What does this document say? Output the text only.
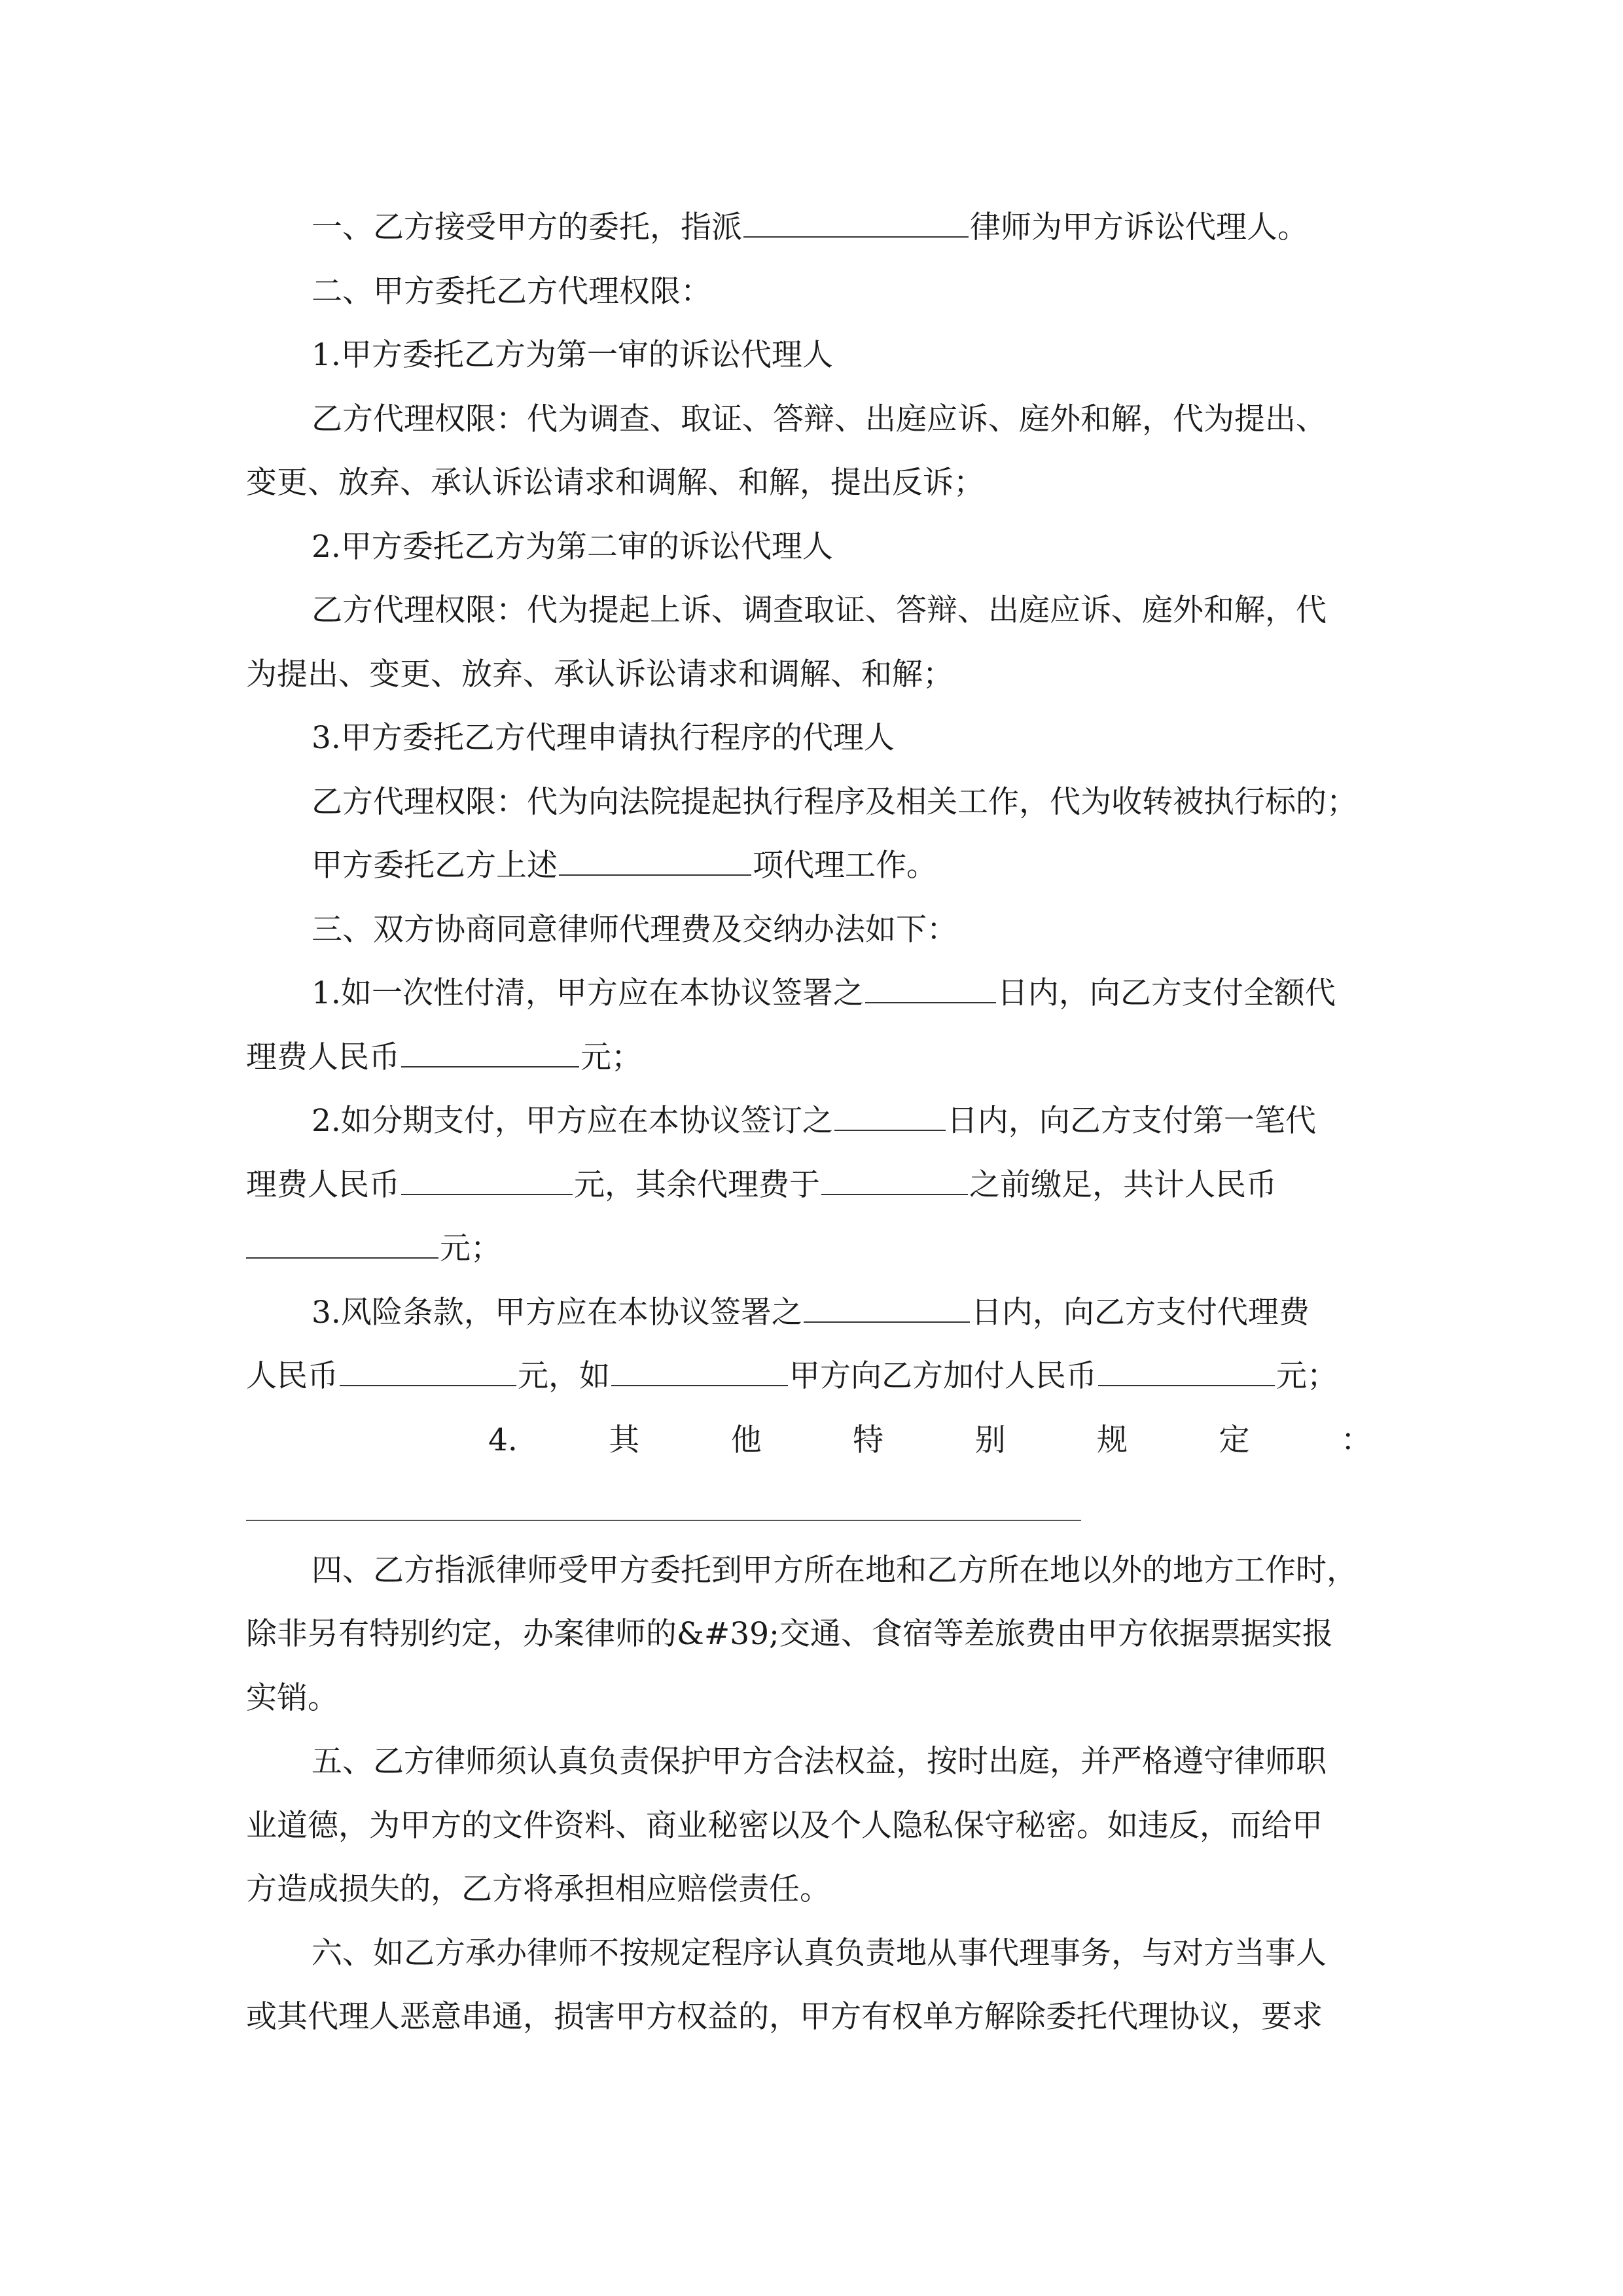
一、乙方接受甲方的委托，指派	律师为甲方诉讼代理人。
二、甲方委托乙方代理权限：
1.甲方委托乙方为第一审的诉讼代理人
乙方代理权限：代为调查、取证、答辩、出庭应诉、庭外和解，代为提出、
变更、放弃、承认诉讼请求和调解、和解，提出反诉；
2.甲方委托乙方为第二审的诉讼代理人
乙方代理权限：代为提起上诉、调查取证、答辩、出庭应诉、庭外和解，代
为提出、变更、放弃、承认诉讼请求和调解、和解；
3.甲方委托乙方代理申请执行程序的代理人
乙方代理权限：代为向法院提起执行程序及相关工作，代为收转被执行标的；
甲方委托乙方上述	项代理工作。
三、双方协商同意律师代理费及交纳办法如下：
1.如一次性付清，甲方应在本协议签署之	日内，向乙方支付全额代
理费人民币	元；
2.如分期支付，甲方应在本协议签订之	日内，向乙方支付第一笔代
理费人民币	元，其余代理费于	之前缴足，共计人民币
元；
3.风险条款，甲方应在本协议签署之	日内，向乙方支付代理费
人民币	元，如	甲方向乙方加付人民币	元；
4.	其	他	特	别	规	定	：
四、乙方指派律师受甲方委托到甲方所在地和乙方所在地以外的地方工作时，
除非另有特别约定，办案律师的&#39;交通、食宿等差旅费由甲方依据票据实报
实销。
五、乙方律师须认真负责保护甲方合法权益，按时出庭，并严格遵守律师职
业道德，为甲方的文件资料、商业秘密以及个人隐私保守秘密。如违反，而给甲
方造成损失的，乙方将承担相应赔偿责任。
六、如乙方承办律师不按规定程序认真负责地从事代理事务，与对方当事人
或其代理人恶意串通，损害甲方权益的，甲方有权单方解除委托代理协议，要求
